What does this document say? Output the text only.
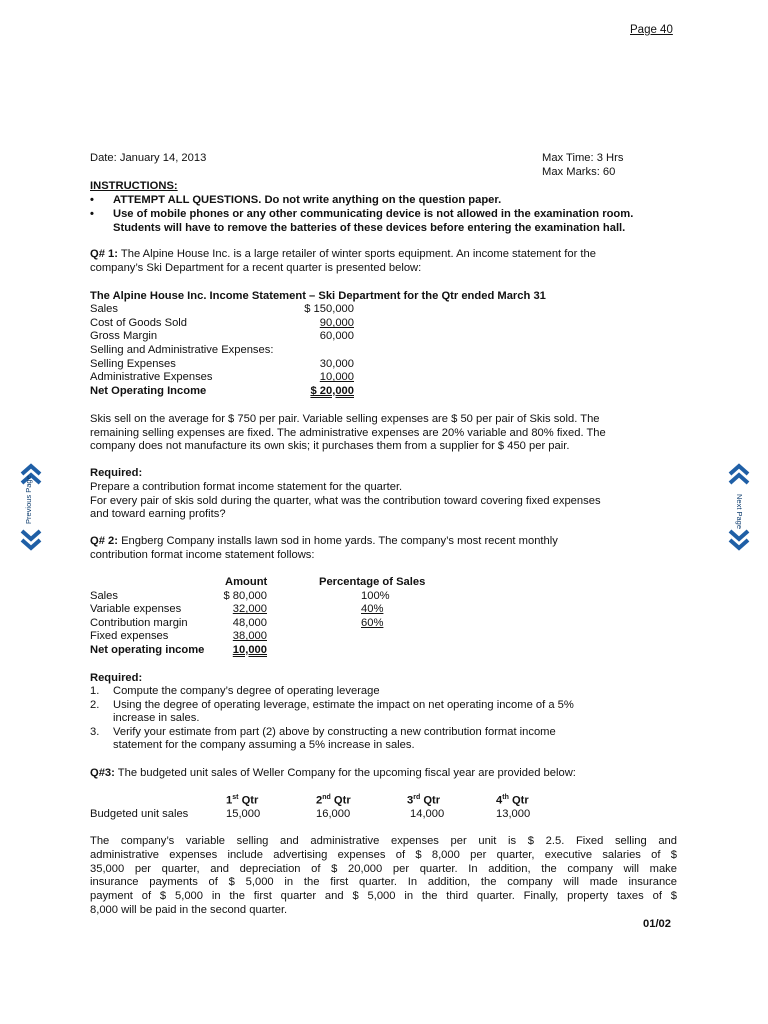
Page 40
Date: January 14, 2013	Max Time: 3 Hrs
Max Marks: 60
INSTRUCTIONS:
• ATTEMPT ALL QUESTIONS. Do not write anything on the question paper.
• Use of mobile phones or any other communicating device is not allowed in the examination room.
Students will have to remove the batteries of these devices before entering the examination hall.
Q# 1: The Alpine House Inc. is a large retailer of winter sports equipment. An income statement for the
company’s Ski Department for a recent quarter is presented below:
The Alpine House Inc. Income Statement – Ski Department for the Qtr ended March 31
Sales	$ 150,000
Cost of Goods Sold	90,000
Gross Margin	60,000
Selling and Administrative Expenses:
Selling Expenses	30,000
Administrative Expenses	10,000
Net Operating Income	$ 20,000
Skis sell on the average for $ 750 per pair. Variable selling expenses are $ 50 per pair of Skis sold. The
remaining selling expenses are fixed. The administrative expenses are 20% variable and 80% fixed. The
company does not manufacture its own skis; it purchases them from a supplier for $ 450 per pair.
Required:
Prepare a contribution format income statement for the quarter.
For every pair of skis sold during the quarter, what was the contribution toward covering fixed expenses
and toward earning profits?
Q# 2: Engberg Company installs lawn sod in home yards. The company’s most recent monthly
contribution format income statement follows:
Amount	Percentage of Sales
Sales	$ 80,000	100%
Variable expenses	32,000	40%
Contribution margin	48,000	60%
Fixed expenses	38,000
Net operating income	10,000
Required:
1. Compute the company’s degree of operating leverage
2. Using the degree of operating leverage, estimate the impact on net operating income of a 5%
increase in sales.
3. Verify your estimate from part (2) above by constructing a new contribution format income
statement for the company assuming a 5% increase in sales.
Q#3: The budgeted unit sales of Weller Company for the upcoming fiscal year are provided below:
1st Qtr	2nd Qtr	3rd Qtr	4th Qtr
Budgeted unit sales	15,000	16,000	14,000	13,000
The company’s variable selling and administrative expenses per unit is $ 2.5. Fixed selling and
administrative expenses include advertising expenses of $ 8,000 per quarter, executive salaries of $
35,000 per quarter, and depreciation of $ 20,000 per quarter. In addition, the company will make
insurance payments of $ 5,000 in the first quarter. In addition, the company will made insurance
payment of $ 5,000 in the first quarter and $ 5,000 in the third quarter. Finally, property taxes of $
8,000 will be paid in the second quarter.
01/02
Previous Page	Next Page
